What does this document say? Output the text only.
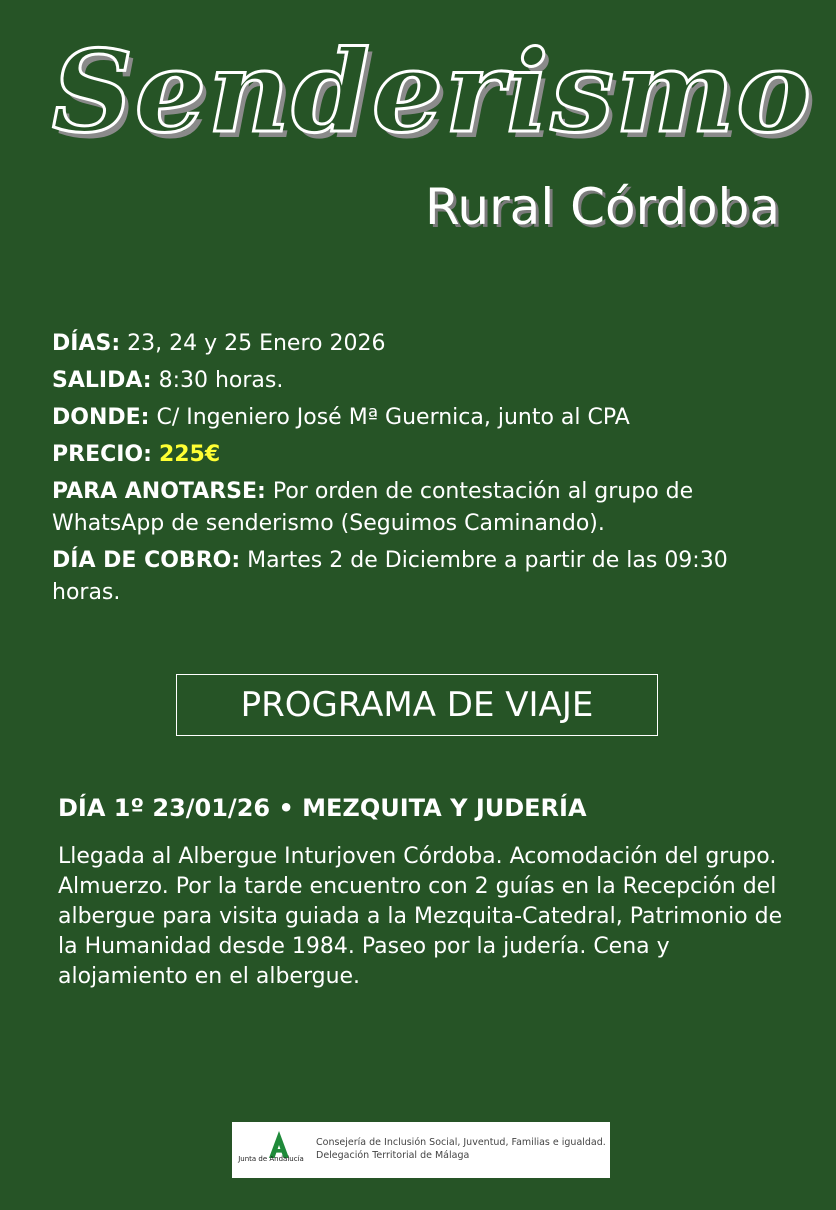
Senderismo
Rural Córdoba
DÍAS: 23, 24 y 25 Enero 2026
SALIDA: 8:30 horas.
DONDE: C/ Ingeniero José Mª Guernica, junto al CPA
PRECIO: 225€
PARA ANOTARSE: Por orden de contestación al grupo de WhatsApp de senderismo (Seguimos Caminando).
DÍA DE COBRO: Martes 2 de Diciembre a partir de las 09:30 horas.
PROGRAMA DE VIAJE
DÍA 1º 23/01/26 • MEZQUITA Y JUDERÍA
Llegada al Albergue Inturjoven Córdoba. Acomodación del grupo. Almuerzo. Por la tarde encuentro con 2 guías en la Recepción del albergue para visita guiada a la Mezquita-Catedral, Patrimonio de la Humanidad desde 1984. Paseo por la judería. Cena y alojamiento en el albergue.
Junta de Andalucía
Consejería de Inclusión Social, Juventud, Familias e igualdad. Delegación Territorial de Málaga
